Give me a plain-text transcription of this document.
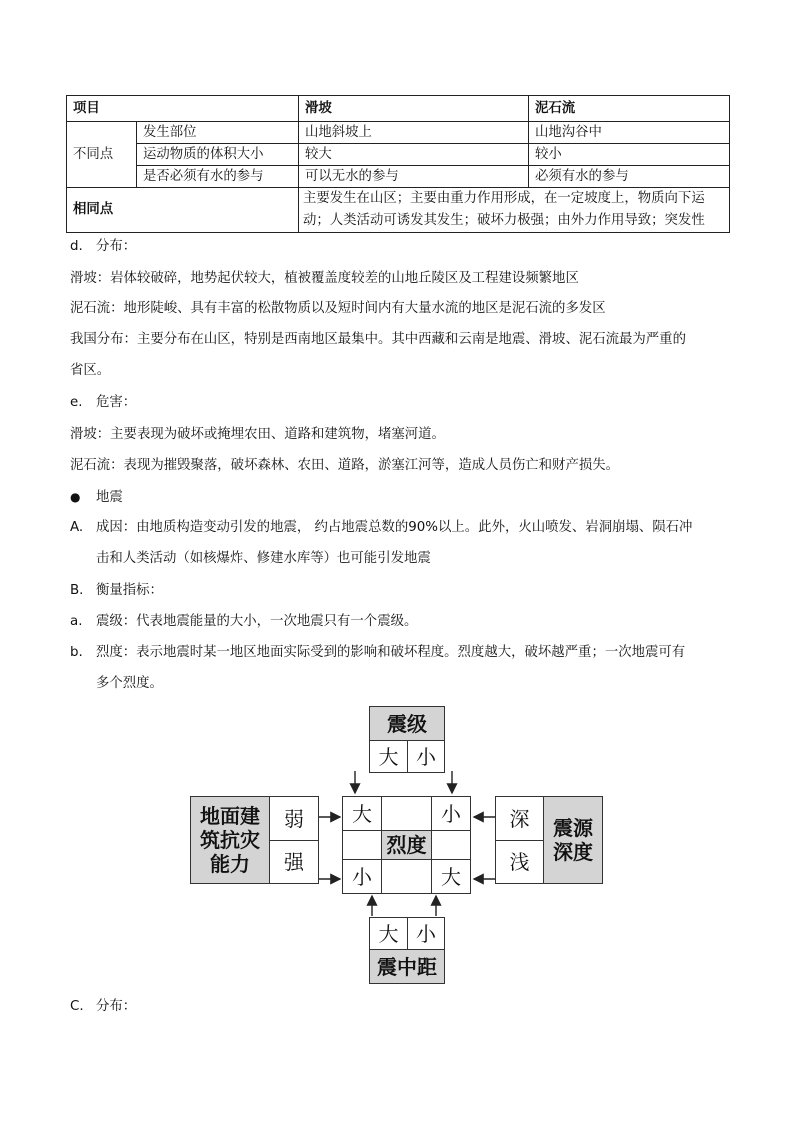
项目		滑坡	泥石流
不同点	发生部位	山地斜坡上	山地沟谷中
	运动物质的体积大小	较大	较小
	是否必须有水的参与	可以无水的参与	必须有水的参与
相同点		主要发生在山区；主要由重力作用形成，在一定坡度上，物质向下运
动；人类活动可诱发其发生；破坏力极强；由外力作用导致；突发性	
d. 分布：
滑坡：岩体较破碎，地势起伏较大，植被覆盖度较差的山地丘陵区及工程建设频繁地区
泥石流：地形陡峻、具有丰富的松散物质以及短时间内有大量水流的地区是泥石流的多发区
我国分布：主要分布在山区，特别是西南地区最集中。其中西藏和云南是地震、滑坡、泥石流最为严重的
省区。
e. 危害：
滑坡：主要表现为破坏或掩埋农田、道路和建筑物，堵塞河道。
泥石流：表现为摧毁聚落，破坏森林、农田、道路，淤塞江河等，造成人员伤亡和财产损失。
● 地震
A. 成因：由地质构造变动引发的地震， 约占地震总数的90%以上。此外，火山喷发、岩洞崩塌、陨石冲
击和人类活动（如核爆炸、修建水库等）也可能引发地震
B. 衡量指标：
a. 震级：代表地震能量的大小，一次地震只有一个震级。
b. 烈度：表示地震时某一地区地面实际受到的影响和破坏程度。烈度越大，破坏越严重；一次地震可有
多个烈度。
震级
大 小
地面建
筑抗灾
能力
弱
强
大	小
烈度
小	大
深
浅
震源
深度
大 小
震中距
C. 分布：
